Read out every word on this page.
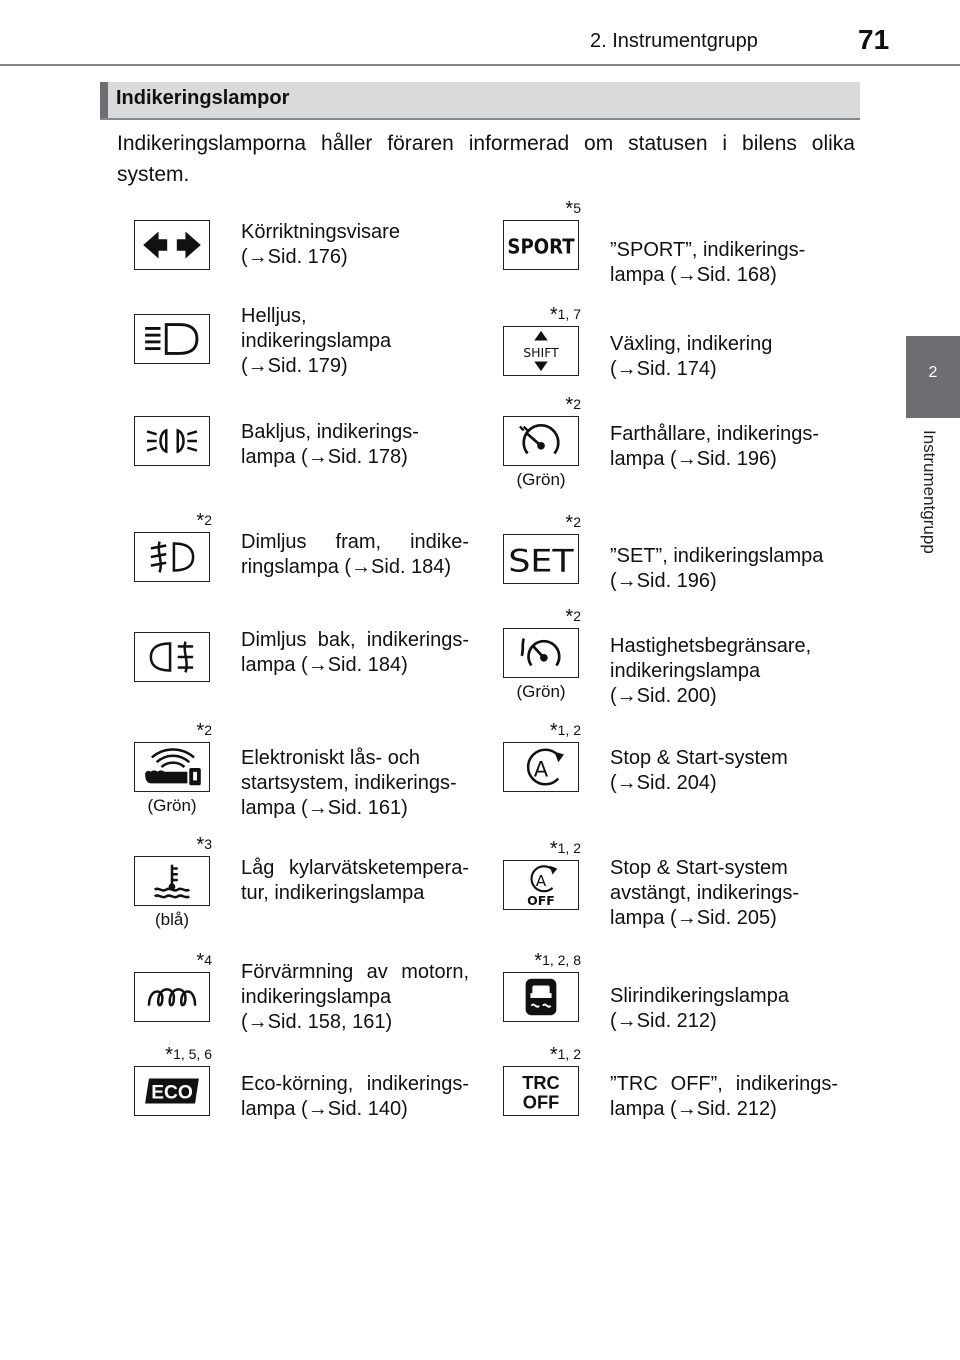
2. Instrumentgrupp	71
2
Instrumentgrupp
Indikeringslampor
Indikeringslamporna håller föraren informerad om statusen i bilens olika system.
Körriktningsvisare
(→Sid. 176)
Helljus,
indikeringslampa
(→Sid. 179)
Bakljus, indikerings-
lampa (→Sid. 178)
*2
Dimljus fram, indike-
ringslampa (→Sid. 184)
Dimljus bak, indikerings-
lampa (→Sid. 184)
*2
(Grön)
Elektroniskt lås- och
startsystem, indikerings-
lampa (→Sid. 161)
*3
(blå)
Låg kylarvätsketempera-
tur, indikeringslampa
*4
Förvärmning av motorn,
indikeringslampa
(→Sid. 158, 161)
ECO
*1, 5, 6
Eco-körning, indikerings-
lampa (→Sid. 140)
SPORT
*5
”SPORT”, indikerings-
lampa (→Sid. 168)
SHIFT
*1, 7
Växling, indikering
(→Sid. 174)
*2
(Grön)
Farthållare, indikerings-
lampa (→Sid. 196)
SET
*2
”SET”, indikeringslampa
(→Sid. 196)
*2
(Grön)
Hastighetsbegränsare,
indikeringslampa
(→Sid. 200)
A
*1, 2
Stop & Start-system
(→Sid. 204)
A
OFF
*1, 2
Stop & Start-system
avstängt, indikerings-
lampa (→Sid. 205)
*1, 2, 8
Slirindikeringslampa
(→Sid. 212)
TRC
OFF
*1, 2
”TRC OFF”, indikerings-
lampa (→Sid. 212)
